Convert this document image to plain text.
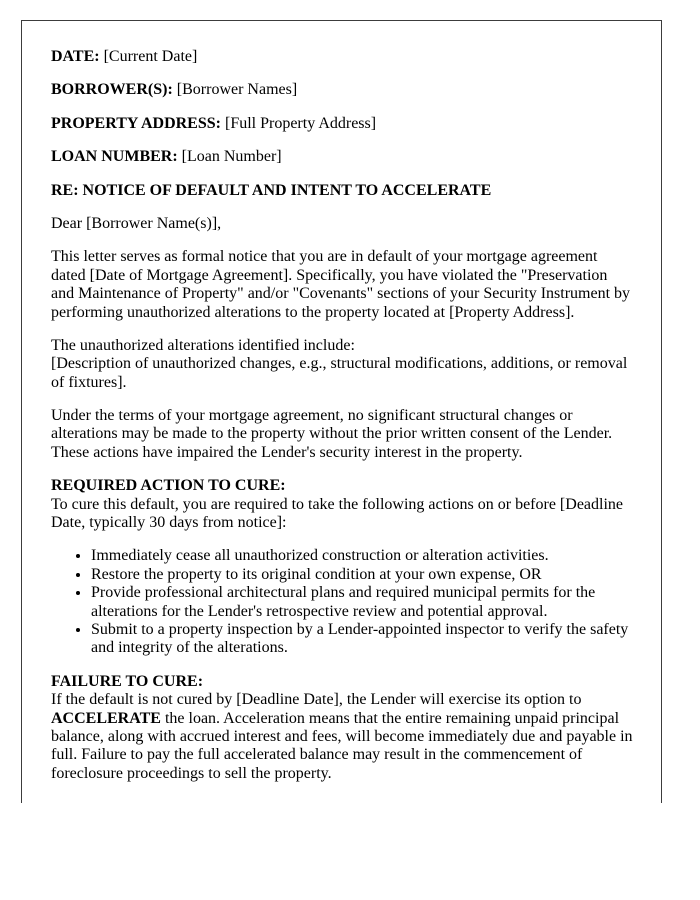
DATE: [Current Date]

BORROWER(S): [Borrower Names]

PROPERTY ADDRESS: [Full Property Address]

LOAN NUMBER: [Loan Number]

RE: NOTICE OF DEFAULT AND INTENT TO ACCELERATE

Dear [Borrower Name(s)],

This letter serves as formal notice that you are in default of your mortgage agreement dated [Date of Mortgage Agreement]. Specifically, you have violated the "Preservation and Maintenance of Property" and/or "Covenants" sections of your Security Instrument by performing unauthorized alterations to the property located at [Property Address].

The unauthorized alterations identified include:
[Description of unauthorized changes, e.g., structural modifications, additions, or removal of fixtures].

Under the terms of your mortgage agreement, no significant structural changes or alterations may be made to the property without the prior written consent of the Lender. These actions have impaired the Lender's security interest in the property.

REQUIRED ACTION TO CURE:
To cure this default, you are required to take the following actions on or before [Deadline Date, typically 30 days from notice]:

• Immediately cease all unauthorized construction or alteration activities.
• Restore the property to its original condition at your own expense, OR
• Provide professional architectural plans and required municipal permits for the alterations for the Lender's retrospective review and potential approval.
• Submit to a property inspection by a Lender-appointed inspector to verify the safety and integrity of the alterations.

FAILURE TO CURE:
If the default is not cured by [Deadline Date], the Lender will exercise its option to ACCELERATE the loan. Acceleration means that the entire remaining unpaid principal balance, along with accrued interest and fees, will become immediately due and payable in full. Failure to pay the full accelerated balance may result in the commencement of foreclosure proceedings to sell the property.
